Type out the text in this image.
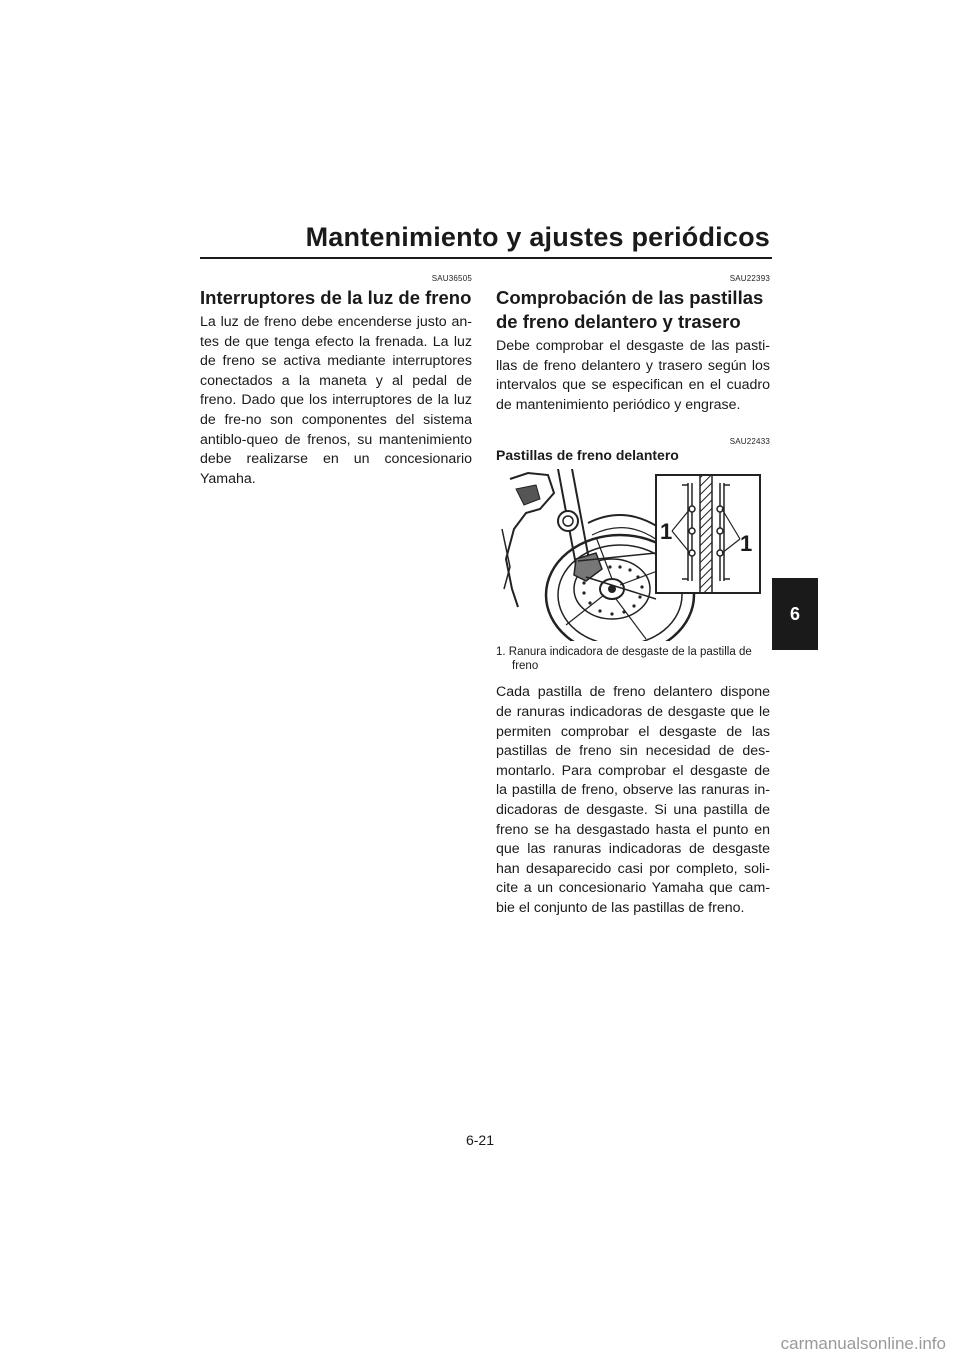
Mantenimiento y ajustes periódicos
SAU36505
Interruptores de la luz de freno

La luz de freno debe encenderse justo an-tes de que tenga efecto la frenada. La luz de freno se activa mediante interruptores conectados a la maneta y al pedal de freno. Dado que los interruptores de la luz de fre-no son componentes del sistema antiblo-queo de frenos, su mantenimiento debe realizarse en un concesionario Yamaha.

SAU22393
Comprobación de las pastillas de freno delantero y trasero

Debe comprobar el desgaste de las pasti-llas de freno delantero y trasero según los intervalos que se especifican en el cuadro de mantenimiento periódico y engrase.

SAU22433
Pastillas de freno delantero
1	1
1. Ranura indicadora de desgaste de la pastilla de freno

Cada pastilla de freno delantero dispone de ranuras indicadoras de desgaste que le permiten comprobar el desgaste de las pastillas de freno sin necesidad de des-montarlo. Para comprobar el desgaste de la pastilla de freno, observe las ranuras in-dicadoras de desgaste. Si una pastilla de freno se ha desgastado hasta el punto en que las ranuras indicadoras de desgaste han desaparecido casi por completo, soli-cite a un concesionario Yamaha que cam-bie el conjunto de las pastillas de freno.

6
6-21
carmanualsonline.info
